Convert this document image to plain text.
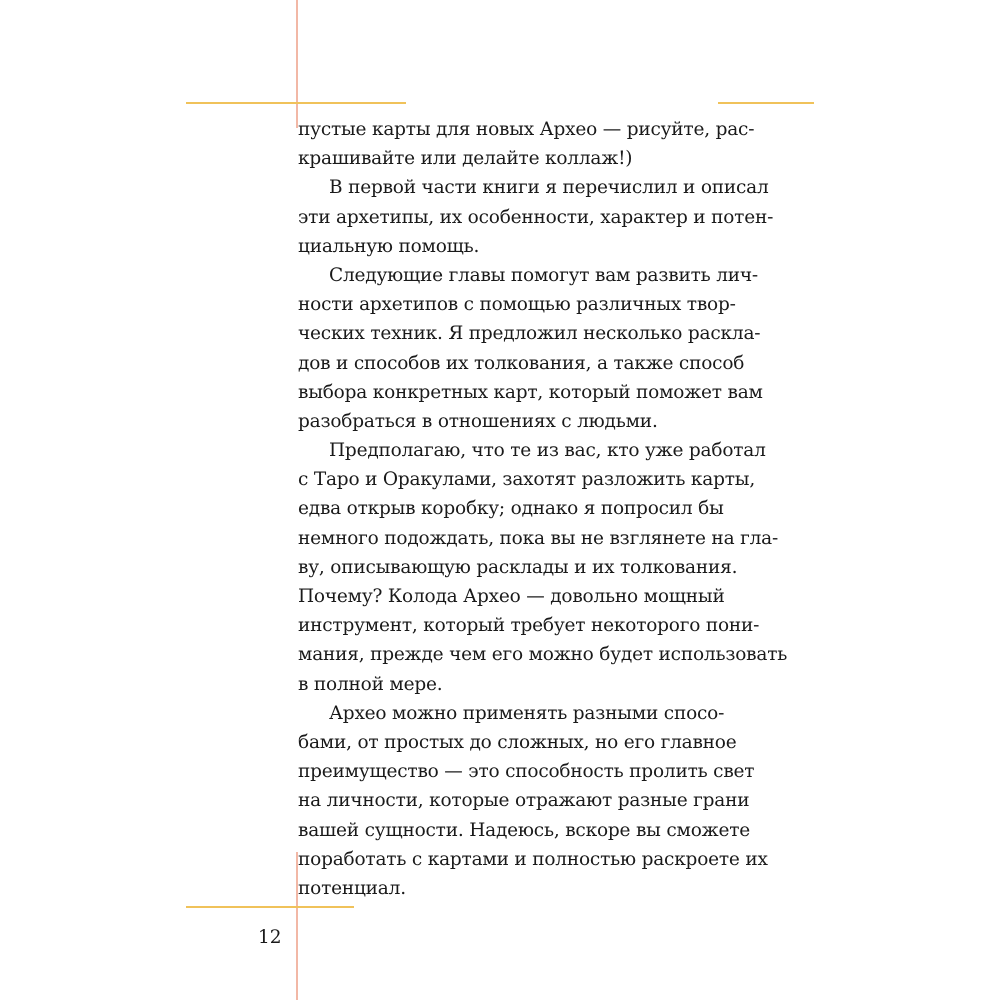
пустые карты для новых Архео — рисуйте, рас-
крашивайте или делайте коллаж!)
В первой части книги я перечислил и описал
эти архетипы, их особенности, характер и потен-
циальную помощь.
Следующие главы помогут вам развить лич-
ности архетипов с помощью различных твор-
ческих техник. Я предложил несколько раскла-
дов и способов их толкования, а также способ
выбора конкретных карт, который поможет вам
разобраться в отношениях с людьми.
Предполагаю, что те из вас, кто уже работал
с Таро и Оракулами, захотят разложить карты,
едва открыв коробку; однако я попросил бы
немного подождать, пока вы не взглянете на гла-
ву, описывающую расклады и их толкования.
Почему? Колода Архео — довольно мощный
инструмент, который требует некоторого пони-
мания, прежде чем его можно будет использовать
в полной мере.
Архео можно применять разными спосо-
бами, от простых до сложных, но его главное
преимущество — это способность пролить свет
на личности, которые отражают разные грани
вашей сущности. Надеюсь, вскоре вы сможете
поработать с картами и полностью раскроете их
потенциал.
12
